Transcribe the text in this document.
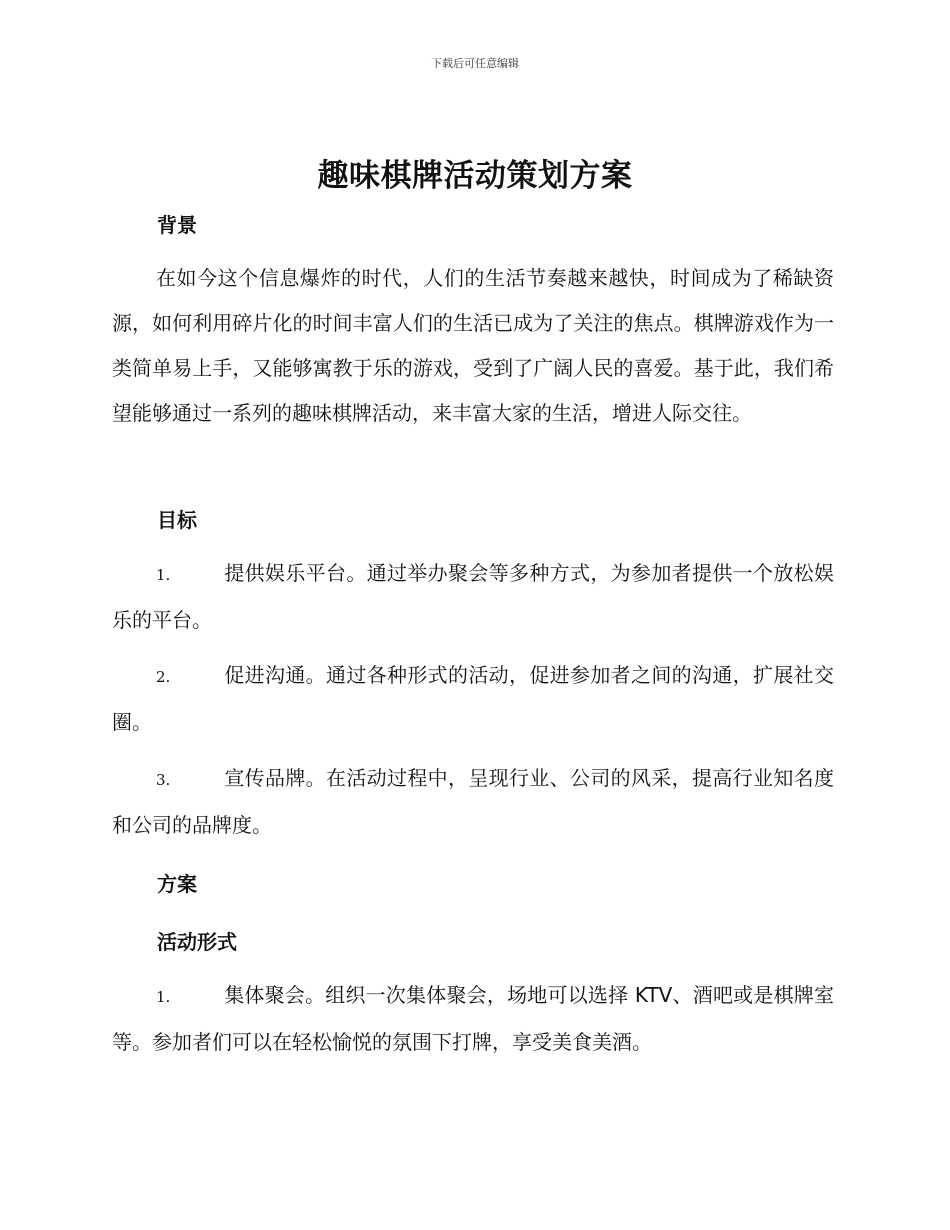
下载后可任意编辑
趣味棋牌活动策划方案
背景
在如今这个信息爆炸的时代，人们的生活节奏越来越快，时间成为了稀缺资源，如何利用碎片化的时间丰富人们的生活已成为了关注的焦点。棋牌游戏作为一类简单易上手，又能够寓教于乐的游戏，受到了广阔人民的喜爱。基于此，我们希望能够通过一系列的趣味棋牌活动，来丰富大家的生活，增进人际交往。
目标
1.	提供娱乐平台。通过举办聚会等多种方式，为参加者提供一个放松娱乐的平台。
2.	促进沟通。通过各种形式的活动，促进参加者之间的沟通，扩展社交圈。
3.	宣传品牌。在活动过程中，呈现行业、公司的风采，提高行业知名度和公司的品牌度。
方案
活动形式
1.	集体聚会。组织一次集体聚会，场地可以选择 KTV、酒吧或是棋牌室等。参加者们可以在轻松愉悦的氛围下打牌，享受美食美酒。
